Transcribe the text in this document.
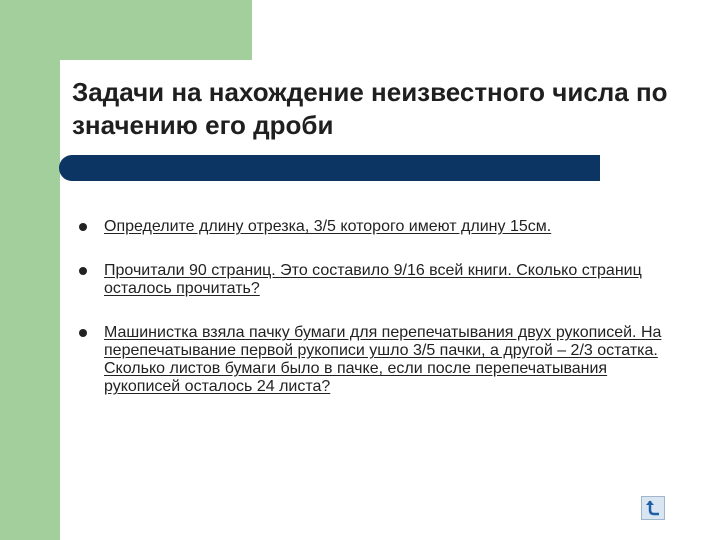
Задачи на нахождение неизвестного числа по значению его дроби
Определите длину отрезка, 3/5 которого имеют длину 15см.
Прочитали 90 страниц. Это составило 9/16 всей книги. Сколько страниц осталось прочитать?
Машинистка взяла пачку бумаги для перепечатывания двух рукописей. На перепечатывание первой рукописи ушло 3/5 пачки, а другой – 2/3 остатка. Сколько листов бумаги было в пачке, если после перепечатывания рукописей осталось 24 листа?
